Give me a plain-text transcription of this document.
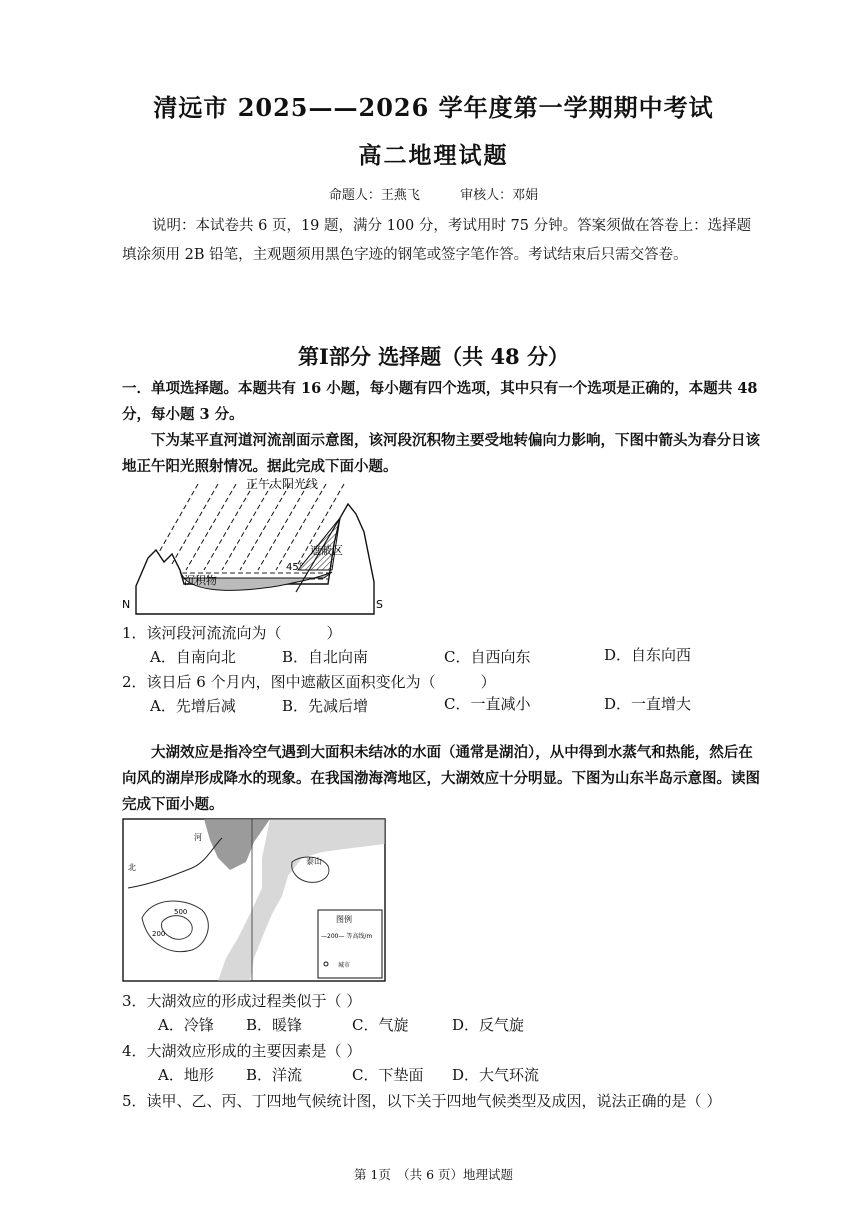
清远市 2025——2026 学年度第一学期期中考试
高二地理试题
命题人：王燕飞	审核人：邓娟
说明：本试卷共 6 页，19 题，满分 100 分，考试用时 75 分钟。答案须做在答卷上：选择题填涂须用 2B 铅笔，主观题须用黑色字迹的钢笔或签字笔作答。考试结束后只需交答卷。
第Ⅰ部分 选择题（共 48 分）
一．单项选择题。本题共有 16 小题，每小题有四个选项，其中只有一个选项是正确的，本题共 48 分，每小题 3 分。
下为某平直河道河流剖面示意图，该河段沉积物主要受地转偏向力影响，下图中箭头为春分日该地正午阳光照射情况。据此完成下面小题。
正午太阳光线
遮蔽区
45°
沉积物
N	S
1．该河段河流流向为（　　　）
A．自南向北	B．自北向南	C．自西向东	D．自东向西
2．该日后 6 个月内，图中遮蔽区面积变化为（　　　）
A．先增后减	B．先减后增	C．一直减小	D．一直增大
大湖效应是指冷空气遇到大面积未结冰的水面（通常是湖泊），从中得到水蒸气和热能，然后在向风的湖岸形成降水的现象。在我国渤海湾地区，大湖效应十分明显。下图为山东半岛示意图。读图完成下面小题。
河
北
泰山
500
200
图例
—200— 等高线/m
城市
3．大湖效应的形成过程类似于（ ）
A．冷锋 B．暖锋	C．气旋	D．反气旋
4．大湖效应形成的主要因素是（ ）
A．地形 B．洋流	C．下垫面 D．大气环流
5．读甲、乙、丙、丁四地气候统计图，以下关于四地气候类型及成因，说法正确的是（ ）
第 1页　（共 6 页）地理试题
